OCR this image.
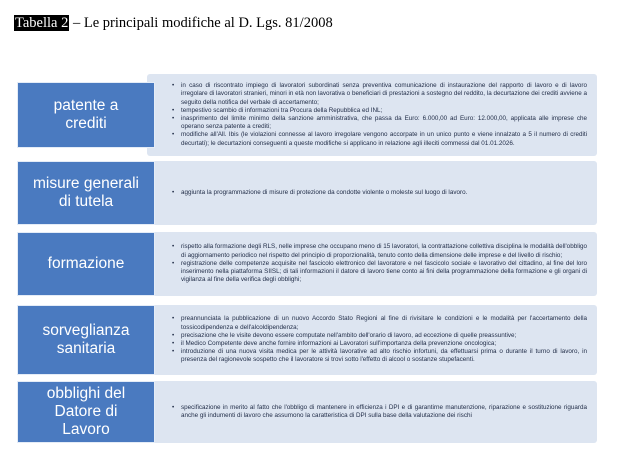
Tabella 2 – Le principali modifiche al D. Lgs. 81/2008
• in caso di riscontrato impiego di lavoratori subordinati senza preventiva comunicazione di instaurazione del rapporto di lavoro e di lavoro irregolare di lavoratori stranieri, minori in età non lavorativa o beneficiari di prestazioni a sostegno del reddito, la decurtazione dei crediti avviene a seguito della notifica del verbale di accertamento;
• tempestivo scambio di informazioni tra Procura della Repubblica ed INL;
• inasprimento del limite minimo della sanzione amministrativa, che passa da Euro: 6.000,00 ad Euro: 12.000,00, applicata alle imprese che operano senza patente a crediti;
• modifiche all'All. Ibis (le violazioni connesse al lavoro irregolare vengono accorpate in un unico punto e viene innalzato a 5 il numero di crediti decurtati); le decurtazioni conseguenti a queste modifiche si applicano in relazione agli illeciti commessi dal 01.01.2026.
patente a crediti
• aggiunta la programmazione di misure di protezione da condotte violente o moleste sul luogo di lavoro.
misure generali di tutela
• rispetto alla formazione degli RLS, nelle imprese che occupano meno di 15 lavoratori, la contrattazione collettiva disciplina le modalità dell'obbligo di aggiornamento periodico nel rispetto del principio di proporzionalità, tenuto conto della dimensione delle imprese e del livello di rischio;
• registrazione delle competenze acquisite nel fascicolo elettronico del lavoratore e nel fascicolo sociale e lavorativo del cittadino, al fine del loro inserimento nella piattaforma SIISL; di tali informazioni il datore di lavoro tiene conto ai fini della programmazione della formazione e gli organi di vigilanza al fine della verifica degli obblighi;
formazione
• preannunciata la pubblicazione di un nuovo Accordo Stato Regioni al fine di rivisitare le condizioni e le modalità per l'accertamento della tossicodipendenza e dell'alcoldipendenza;
• precisazione che le visite devono essere computate nell'ambito dell'orario di lavoro, ad eccezione di quelle preassuntive;
• il Medico Competente deve anche fornire informazioni ai Lavoratori sull'importanza della prevenzione oncologica;
• introduzione di una nuova visita medica per le attività lavorative ad alto rischio infortuni, da effettuarsi prima o durante il turno di lavoro, in presenza del ragionevole sospetto che il lavoratore si trovi sotto l'effetto di alcool o sostanze stupefacenti.
sorveglianza sanitaria
• specificazione in merito al fatto che l'obbligo di mantenere in efficienza i DPI e di garantirne manutenzione, riparazione e sostituzione riguarda anche gli indumenti di lavoro che assumono la caratteristica di DPI sulla base della valutazione dei rischi
obblighi del Datore di Lavoro
